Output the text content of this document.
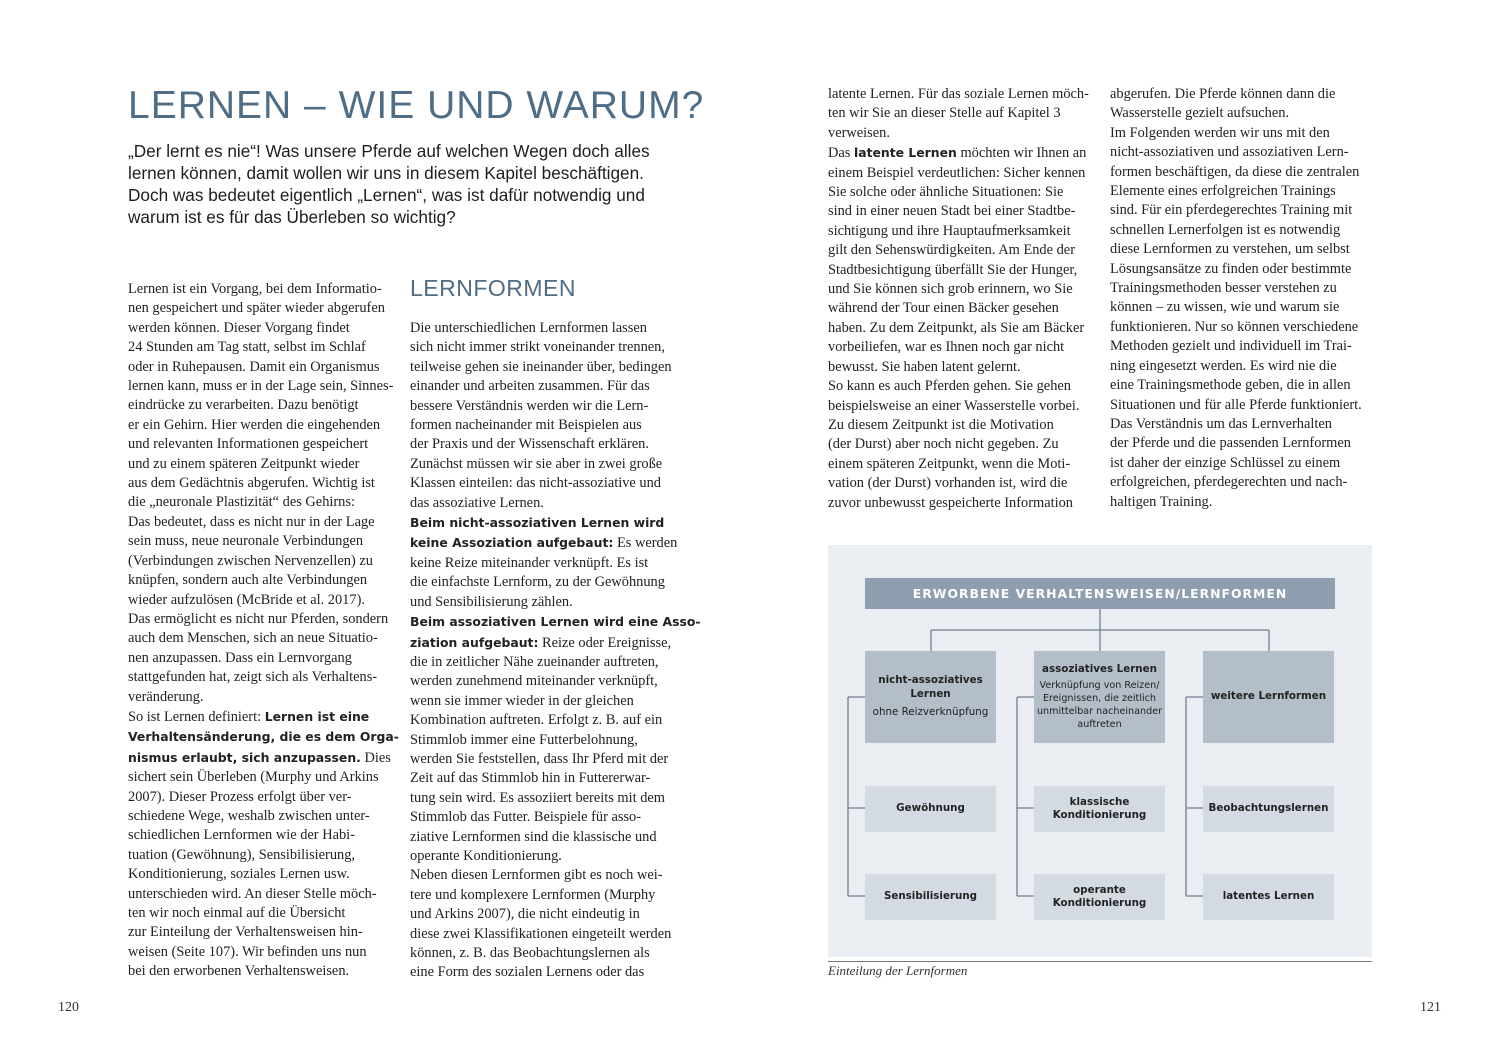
LERNEN – WIE UND WARUM?
„Der lernt es nie“! Was unsere Pferde auf welchen Wegen doch alles
lernen können, damit wollen wir uns in diesem Kapitel beschäftigen.
Doch was bedeutet eigentlich „Lernen“, was ist dafür notwendig und
warum ist es für das Überleben so wichtig?
Lernen ist ein Vorgang, bei dem Informatio-
nen gespeichert und später wieder abgerufen
werden können. Dieser Vorgang findet
24 Stunden am Tag statt, selbst im Schlaf
oder in Ruhepausen. Damit ein Organismus
lernen kann, muss er in der Lage sein, Sinnes-
eindrücke zu verarbeiten. Dazu benötigt
er ein Gehirn. Hier werden die eingehenden
und relevanten Informationen gespeichert
und zu einem späteren Zeitpunkt wieder
aus dem Gedächtnis abgerufen. Wichtig ist
die „neuronale Plastizität“ des Gehirns:
Das bedeutet, dass es nicht nur in der Lage
sein muss, neue neuronale Verbindungen
(Verbindungen zwischen Nervenzellen) zu
knüpfen, sondern auch alte Verbindungen
wieder aufzulösen (McBride et al. 2017).
Das ermöglicht es nicht nur Pferden, sondern
auch dem Menschen, sich an neue Situatio-
nen anzupassen. Dass ein Lernvorgang
stattgefunden hat, zeigt sich als Verhaltens-
veränderung.
So ist Lernen definiert: Lernen ist eine
Verhaltensänderung, die es dem Orga-
nismus erlaubt, sich anzupassen. Dies
sichert sein Überleben (Murphy und Arkins
2007). Dieser Prozess erfolgt über ver-
schiedene Wege, weshalb zwischen unter-
schiedlichen Lernformen wie der Habi-
tuation (Gewöhnung), Sensibilisierung,
Konditionierung, soziales Lernen usw.
unterschieden wird. An dieser Stelle möch-
ten wir noch einmal auf die Übersicht
zur Einteilung der Verhaltensweisen hin-
weisen (Seite 107). Wir befinden uns nun
bei den erworbenen Verhaltensweisen.
LERNFORMEN
Die unterschiedlichen Lernformen lassen
sich nicht immer strikt voneinander trennen,
teilweise gehen sie ineinander über, bedingen
einander und arbeiten zusammen. Für das
bessere Verständnis werden wir die Lern-
formen nacheinander mit Beispielen aus
der Praxis und der Wissenschaft erklären.
Zunächst müssen wir sie aber in zwei große
Klassen einteilen: das nicht-assoziative und
das assoziative Lernen.
Beim nicht-assoziativen Lernen wird
keine Assoziation aufgebaut: Es werden
keine Reize miteinander verknüpft. Es ist
die einfachste Lernform, zu der Gewöhnung
und Sensibilisierung zählen.
Beim assoziativen Lernen wird eine Asso-
ziation aufgebaut: Reize oder Ereignisse,
die in zeitlicher Nähe zueinander auftreten,
werden zunehmend miteinander verknüpft,
wenn sie immer wieder in der gleichen
Kombination auftreten. Erfolgt z. B. auf ein
Stimmlob immer eine Futterbelohnung,
werden Sie feststellen, dass Ihr Pferd mit der
Zeit auf das Stimmlob hin in Futtererwar-
tung sein wird. Es assoziiert bereits mit dem
Stimmlob das Futter. Beispiele für asso-
ziative Lernformen sind die klassische und
operante Konditionierung.
Neben diesen Lernformen gibt es noch wei-
tere und komplexere Lernformen (Murphy
und Arkins 2007), die nicht eindeutig in
diese zwei Klassifikationen eingeteilt werden
können, z. B. das Beobachtungslernen als
eine Form des sozialen Lernens oder das
120
latente Lernen. Für das soziale Lernen möch-
ten wir Sie an dieser Stelle auf Kapitel 3
verweisen.
Das latente Lernen möchten wir Ihnen an
einem Beispiel verdeutlichen: Sicher kennen
Sie solche oder ähnliche Situationen: Sie
sind in einer neuen Stadt bei einer Stadtbe-
sichtigung und ihre Hauptaufmerksamkeit
gilt den Sehenswürdigkeiten. Am Ende der
Stadtbesichtigung überfällt Sie der Hunger,
und Sie können sich grob erinnern, wo Sie
während der Tour einen Bäcker gesehen
haben. Zu dem Zeitpunkt, als Sie am Bäcker
vorbeiliefen, war es Ihnen noch gar nicht
bewusst. Sie haben latent gelernt.
So kann es auch Pferden gehen. Sie gehen
beispielsweise an einer Wasserstelle vorbei.
Zu diesem Zeitpunkt ist die Motivation
(der Durst) aber noch nicht gegeben. Zu
einem späteren Zeitpunkt, wenn die Moti-
vation (der Durst) vorhanden ist, wird die
zuvor unbewusst gespeicherte Information
abgerufen. Die Pferde können dann die
Wasserstelle gezielt aufsuchen.
Im Folgenden werden wir uns mit den
nicht-assoziativen und assoziativen Lern-
formen beschäftigen, da diese die zentralen
Elemente eines erfolgreichen Trainings
sind. Für ein pferdegerechtes Training mit
schnellen Lernerfolgen ist es notwendig
diese Lernformen zu verstehen, um selbst
Lösungsansätze zu finden oder bestimmte
Trainingsmethoden besser verstehen zu
können – zu wissen, wie und warum sie
funktionieren. Nur so können verschiedene
Methoden gezielt und individuell im Trai-
ning eingesetzt werden. Es wird nie die
eine Trainingsmethode geben, die in allen
Situationen und für alle Pferde funktioniert.
Das Verständnis um das Lernverhalten
der Pferde und die passenden Lernformen
ist daher der einzige Schlüssel zu einem
erfolgreichen, pferdegerechten und nach-
haltigen Training.
ERWORBENE VERHALTENSWEISEN/LERNFORMEN
nicht-assoziatives
Lernen
ohne Reizverknüpfung
Gewöhnung
Sensibilisierung
assoziatives Lernen
Verknüpfung von Reizen/
Ereignissen, die zeitlich
unmittelbar nacheinander
auftreten
klassische
Konditionierung
operante
Konditionierung
weitere Lernformen
Beobachtungslernen
latentes Lernen
Einteilung der Lernformen
121
